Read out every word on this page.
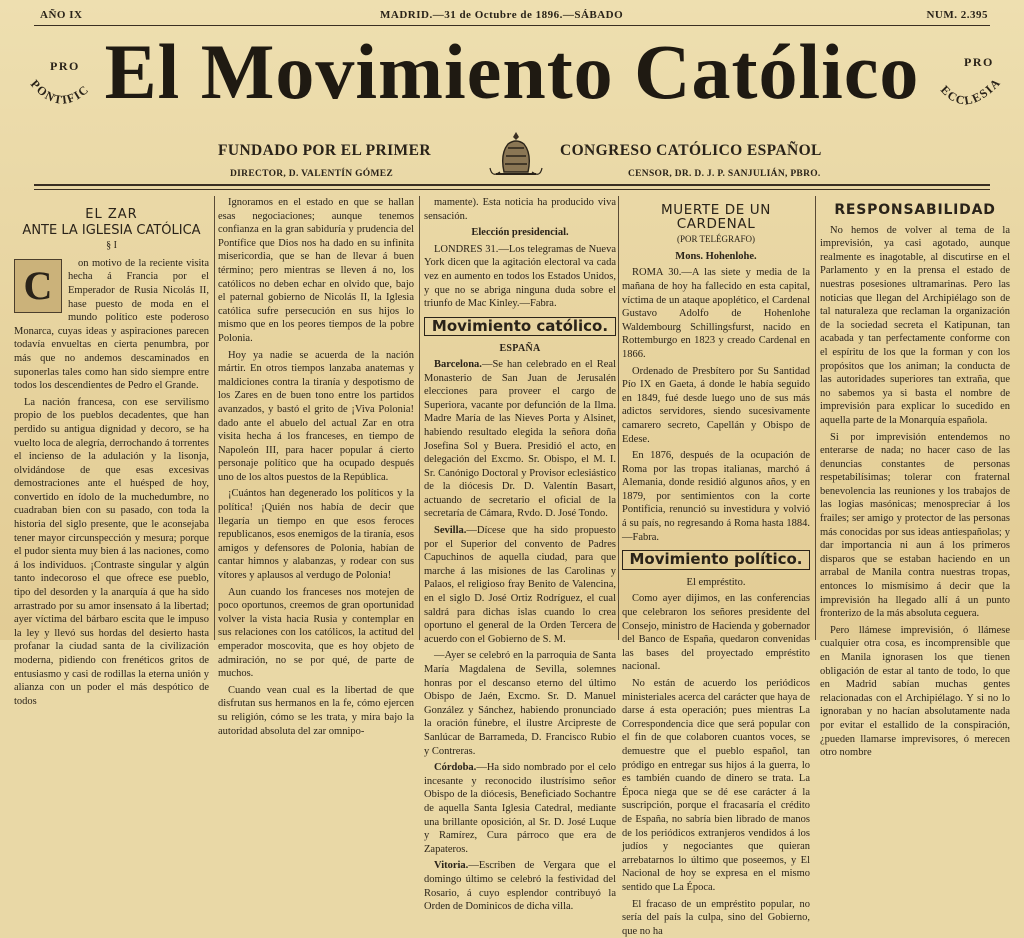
AÑO IX	MADRID.—31 de Octubre de 1896.—SÁBADO	NUM. 2.395
PRO
PONTIFIC
PRO
ECCLESIA
El Movimiento Católico
FUNDADO POR EL PRIMER	CONGRESO CATÓLICO ESPAÑOL
DIRECTOR, D. VALENTÍN GÓMEZ	CENSOR, DR. D. J. P. SANJULIÁN, PBRO.
EL ZAR
ANTE LA IGLESIA CATÓLICA
§ I
C	on motivo de la reciente visita hecha á Francia por el Emperador de Rusia Nicolás II, hase puesto de moda en el mundo político este poderoso Monarca, cuyas ideas y aspiraciones parecen todavía envueltas en cierta penumbra, por más que no andemos descaminados en suponerlas tales como han sido siempre entre todos los descendientes de Pedro el Grande.

La nación francesa, con ese servilismo propio de los pueblos decadentes, que han perdido su antigua dignidad y decoro, se ha vuelto loca de alegría, derrochando á torrentes el incienso de la adulación y la lisonja, olvidándose de que esas excesivas demostraciones ante el huésped de hoy, convertido en ídolo de la muchedumbre, no cuadraban bien con su pasado, con toda la historia del siglo presente, que le aconsejaba tener mayor circunspección y mesura; porque el pudor sienta muy bien á las naciones, como á los individuos. ¡Contraste singular y algún tanto indecoroso el que ofrece ese pueblo, tipo del desorden y la anarquía á que ha sido arrastrado por su amor insensato á la libertad; ayer víctima del bárbaro escita que le impuso la ley y llevó sus hordas del desierto hasta profanar la ciudad santa de la civilización moderna, pidiendo con frenéticos gritos de entusiasmo y casi de rodillas la eterna unión y alianza con un poder el más despótico de todos

Ignoramos en el estado en que se hallan esas negociaciones; aunque tenemos confianza en la gran sabiduría y prudencia del Pontífice que Dios nos ha dado en su infinita misericordia, que se han de llevar á buen término; pero mientras se lleven á no, los católicos no deben echar en olvido que, bajo el paternal gobierno de Nicolás II, la Iglesia católica sufre persecución en sus hijos lo mismo que en los peores tiempos de la pobre Polonia.

Hoy ya nadie se acuerda de la nación mártir. En otros tiempos lanzaba anatemas y maldiciones contra la tiranía y despotismo de los Zares en de buen tono entre los partidos avanzados, y bastó el grito de ¡Viva Polonia! dado ante el abuelo del actual Zar en otra visita hecha á los franceses, en tiempo de Napoleón III, para hacer popular á cierto personaje político que ha ocupado después uno de los altos puestos de la República.

¡Cuántos han degenerado los políticos y la política! ¡Quién nos había de decir que llegaría un tiempo en que esos feroces republicanos, esos enemigos de la tiranía, esos amigos y defensores de Polonia, habían de cantar himnos y alabanzas, y rodear con sus vítores y aplausos al verdugo de Polonia!

Aun cuando los franceses nos motejen de poco oportunos, creemos de gran oportunidad volver la vista hacia Rusia y contemplar en sus relaciones con los católicos, la actitud del emperador moscovita, que es hoy objeto de admiración, no se por qué, de parte de muchos.

Cuando vean cual es la libertad de que disfrutan sus hermanos en la fe, cómo ejercen su religión, cómo se les trata, y mira bajo la autoridad absoluta del zar omnipo-

mamente). Esta noticia ha producido viva sensación.

Elección presidencial.

LONDRES 31.—Los telegramas de Nueva York dicen que la agitación electoral va cada vez en aumento en todos los Estados Unidos, y que no se abriga ninguna duda sobre el triunfo de Mac Kinley.—Fabra.

Movimiento católico.
ESPAÑA

Barcelona.—Se han celebrado en el Real Monasterio de San Juan de Jerusalén elecciones para proveer el cargo de Superiora, vacante por defunción de la Ilma. Madre María de las Nieves Porta y Alsinet, habiendo resultado elegida la señora doña Josefina Sol y Buera. Presidió el acto, en delegación del Excmo. Sr. Obispo, el M. I. Sr. Canónigo Doctoral y Provisor eclesiástico de la diócesis Dr. D. Valentín Basart, actuando de secretario el oficial de la secretaría de Cámara, Rvdo. D. José Tondo.

Sevilla.—Dícese que ha sido propuesto por el Superior del convento de Padres Capuchinos de aquella ciudad, para que marche á las misiones de las Carolinas y Palaos, el religioso fray Benito de Valencina, en el siglo D. José Ortiz Rodríguez, el cual saldrá para dichas islas cuando lo crea oportuno el general de la Orden Tercera de acuerdo con el Gobierno de S. M.

—Ayer se celebró en la parroquia de Santa María Magdalena de Sevilla, solemnes honras por el descanso eterno del último Obispo de Jaén, Excmo. Sr. D. Manuel González y Sánchez, habiendo pronunciado la oración fúnebre, el ilustre Arcipreste de Sanlúcar de Barrameda, D. Francisco Rubio y Contreras.

Córdoba.—Ha sido nombrado por el celo incesante y reconocido ilustrísimo señor Obispo de la diócesis, Beneficiado Sochantre de aquella Santa Iglesia Catedral, mediante una brillante oposición, al Sr. D. José Luque y Ramírez, Cura párroco que era de Zapateros.

Vitoria.—Escriben de Vergara que el domingo último se celebró la festividad del Rosario, á cuyo esplendor contribuyó la Orden de Dominicos de dicha villa.

MUERTE DE UN CARDENAL
(POR TELÉGRAFO)
Mons. Hohenlohe.

ROMA 30.—A las siete y media de la mañana de hoy ha fallecido en esta capital, víctima de un ataque apoplético, el Cardenal Gustavo Adolfo de Hohenlohe Waldembourg Schillingsfurst, nacido en Rottemburgo en 1823 y creado Cardenal en 1866.

Ordenado de Presbítero por Su Santidad Pío IX en Gaeta, á donde le había seguido en 1849, fué desde luego uno de sus más adictos servidores, siendo sucesivamente camarero secreto, Capellán y Obispo de Edese.

En 1876, después de la ocupación de Roma por las tropas italianas, marchó á Alemania, donde residió algunos años, y en 1879, por sentimientos con la corte Pontificia, renunció su investidura y volvió á su país, no regresando á Roma hasta 1884.—Fabra.

Movimiento político.
El empréstito.

Como ayer dijimos, en las conferencias que celebraron los señores presidente del Consejo, ministro de Hacienda y gobernador del Banco de España, quedaron convenidas las bases del proyectado empréstito nacional.

No están de acuerdo los periódicos ministeriales acerca del carácter que haya de darse á esta operación; pues mientras La Correspondencia dice que será popular con el fin de que colaboren cuantos voces, se demuestre que el pueblo español, tan pródigo en entregar sus hijos á la guerra, lo es también cuando de dinero se trata. La Época niega que se dé ese carácter á la suscripción, porque el fracasaría el crédito de España, no sabría bien librado de manos de los periódicos extranjeros vendidos á los judíos y negociantes que quieran arrebatarnos lo último que poseemos, y El Nacional de hoy se expresa en el mismo sentido que La Época.

El fracaso de un empréstito popular, no sería del país la culpa, sino del Gobierno, que no ha

RESPONSABILIDAD

No hemos de volver al tema de la imprevisión, ya casi agotado, aunque realmente es inagotable, al discutirse en el Parlamento y en la prensa el estado de nuestras posesiones ultramarinas. Pero las noticias que llegan del Archipiélago son de tal naturaleza que reclaman la organización de la sociedad secreta el Katipunan, tan acabada y tan perfectamente conforme con el espíritu de los que la forman y con los propósitos que los animan; la conducta de las autoridades superiores tan extraña, que no sabemos ya si basta el nombre de imprevisión para explicar lo sucedido en aquella parte de la Monarquía española.

Si por imprevisión entendemos no enterarse de nada; no hacer caso de las denuncias constantes de personas respetabilísimas; tolerar con fraternal benevolencia las reuniones y los trabajos de las logias masónicas; menospreciar á los frailes; ser amigo y protector de las personas más conocidas por sus ideas antiespañolas; y dar importancia ni aun á los primeros disparos que se estaban haciendo en un arrabal de Manila contra nuestras tropas, entonces lo mismísimo á decir que la imprevisión ha llegado allí á un punto fronterizo de la más absoluta ceguera.

Pero llámese imprevisión, ó llámese cualquier otra cosa, es incomprensible que en Manila ignorasen los que tienen obligación de estar al tanto de todo, lo que en Madrid sabían muchas gentes relacionadas con el Archipiélago. Y si no lo ignoraban y no hacían absolutamente nada por evitar el estallido de la conspiración, ¿pueden llamarse imprevisores, ó merecen otro nombre
